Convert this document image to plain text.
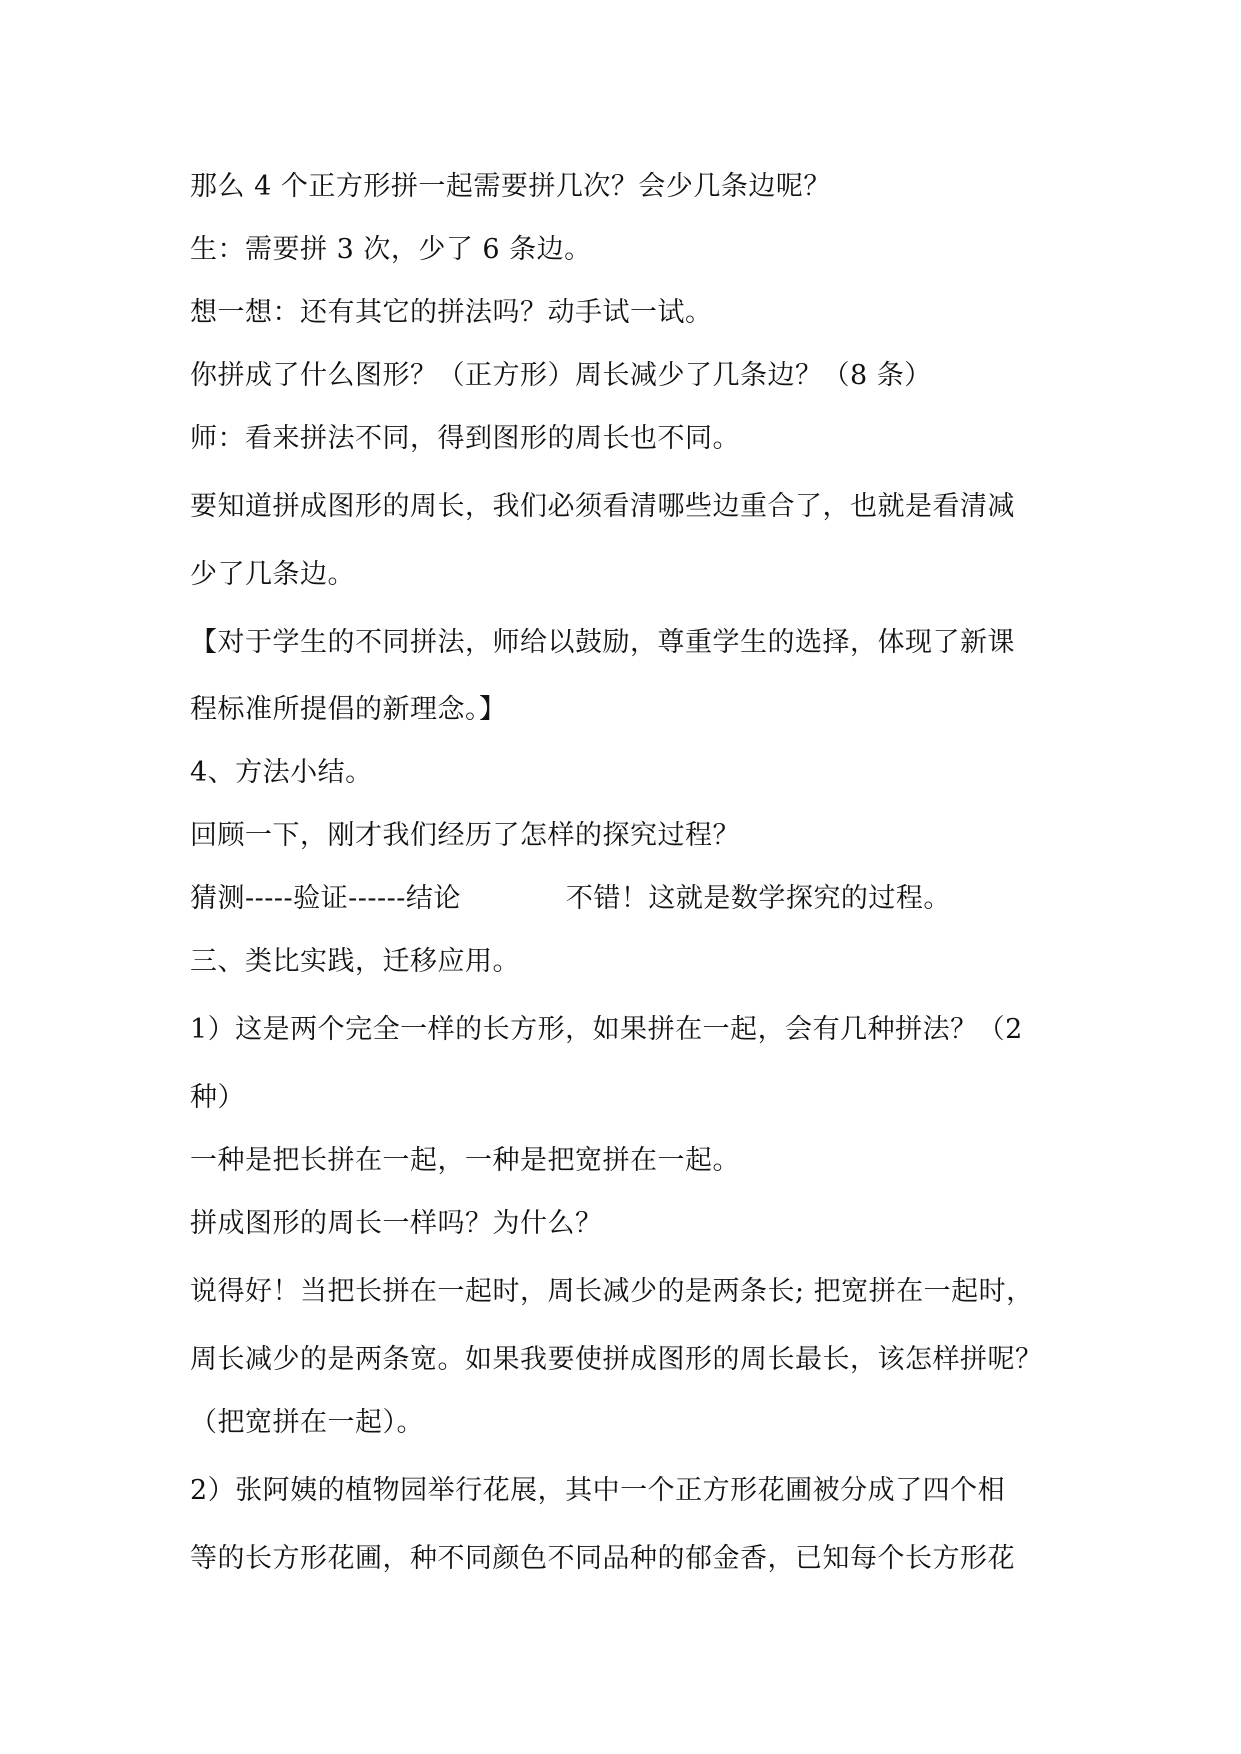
那么 4 个正方形拼一起需要拼几次？会少几条边呢？
生：需要拼 3 次，少了 6 条边。
想一想：还有其它的拼法吗？动手试一试。
你拼成了什么图形？（正方形）周长减少了几条边？（8 条）
师：看来拼法不同，得到图形的周长也不同。
要知道拼成图形的周长，我们必须看清哪些边重合了，也就是看清减
少了几条边。
【对于学生的不同拼法，师给以鼓励，尊重学生的选择，体现了新课
程标准所提倡的新理念。】
4、方法小结。
回顾一下，刚才我们经历了怎样的探究过程？
猜测-----验证------结论	不错！这就是数学探究的过程。
三、类比实践，迁移应用。
1）这是两个完全一样的长方形，如果拼在一起，会有几种拼法？（2
种）
一种是把长拼在一起，一种是把宽拼在一起。
拼成图形的周长一样吗？为什么？
说得好！当把长拼在一起时，周长减少的是两条长; 把宽拼在一起时，
周长减少的是两条宽。如果我要使拼成图形的周长最长，该怎样拼呢？
（把宽拼在一起）。
2）张阿姨的植物园举行花展，其中一个正方形花圃被分成了四个相
等的长方形花圃，种不同颜色不同品种的郁金香，已知每个长方形花
